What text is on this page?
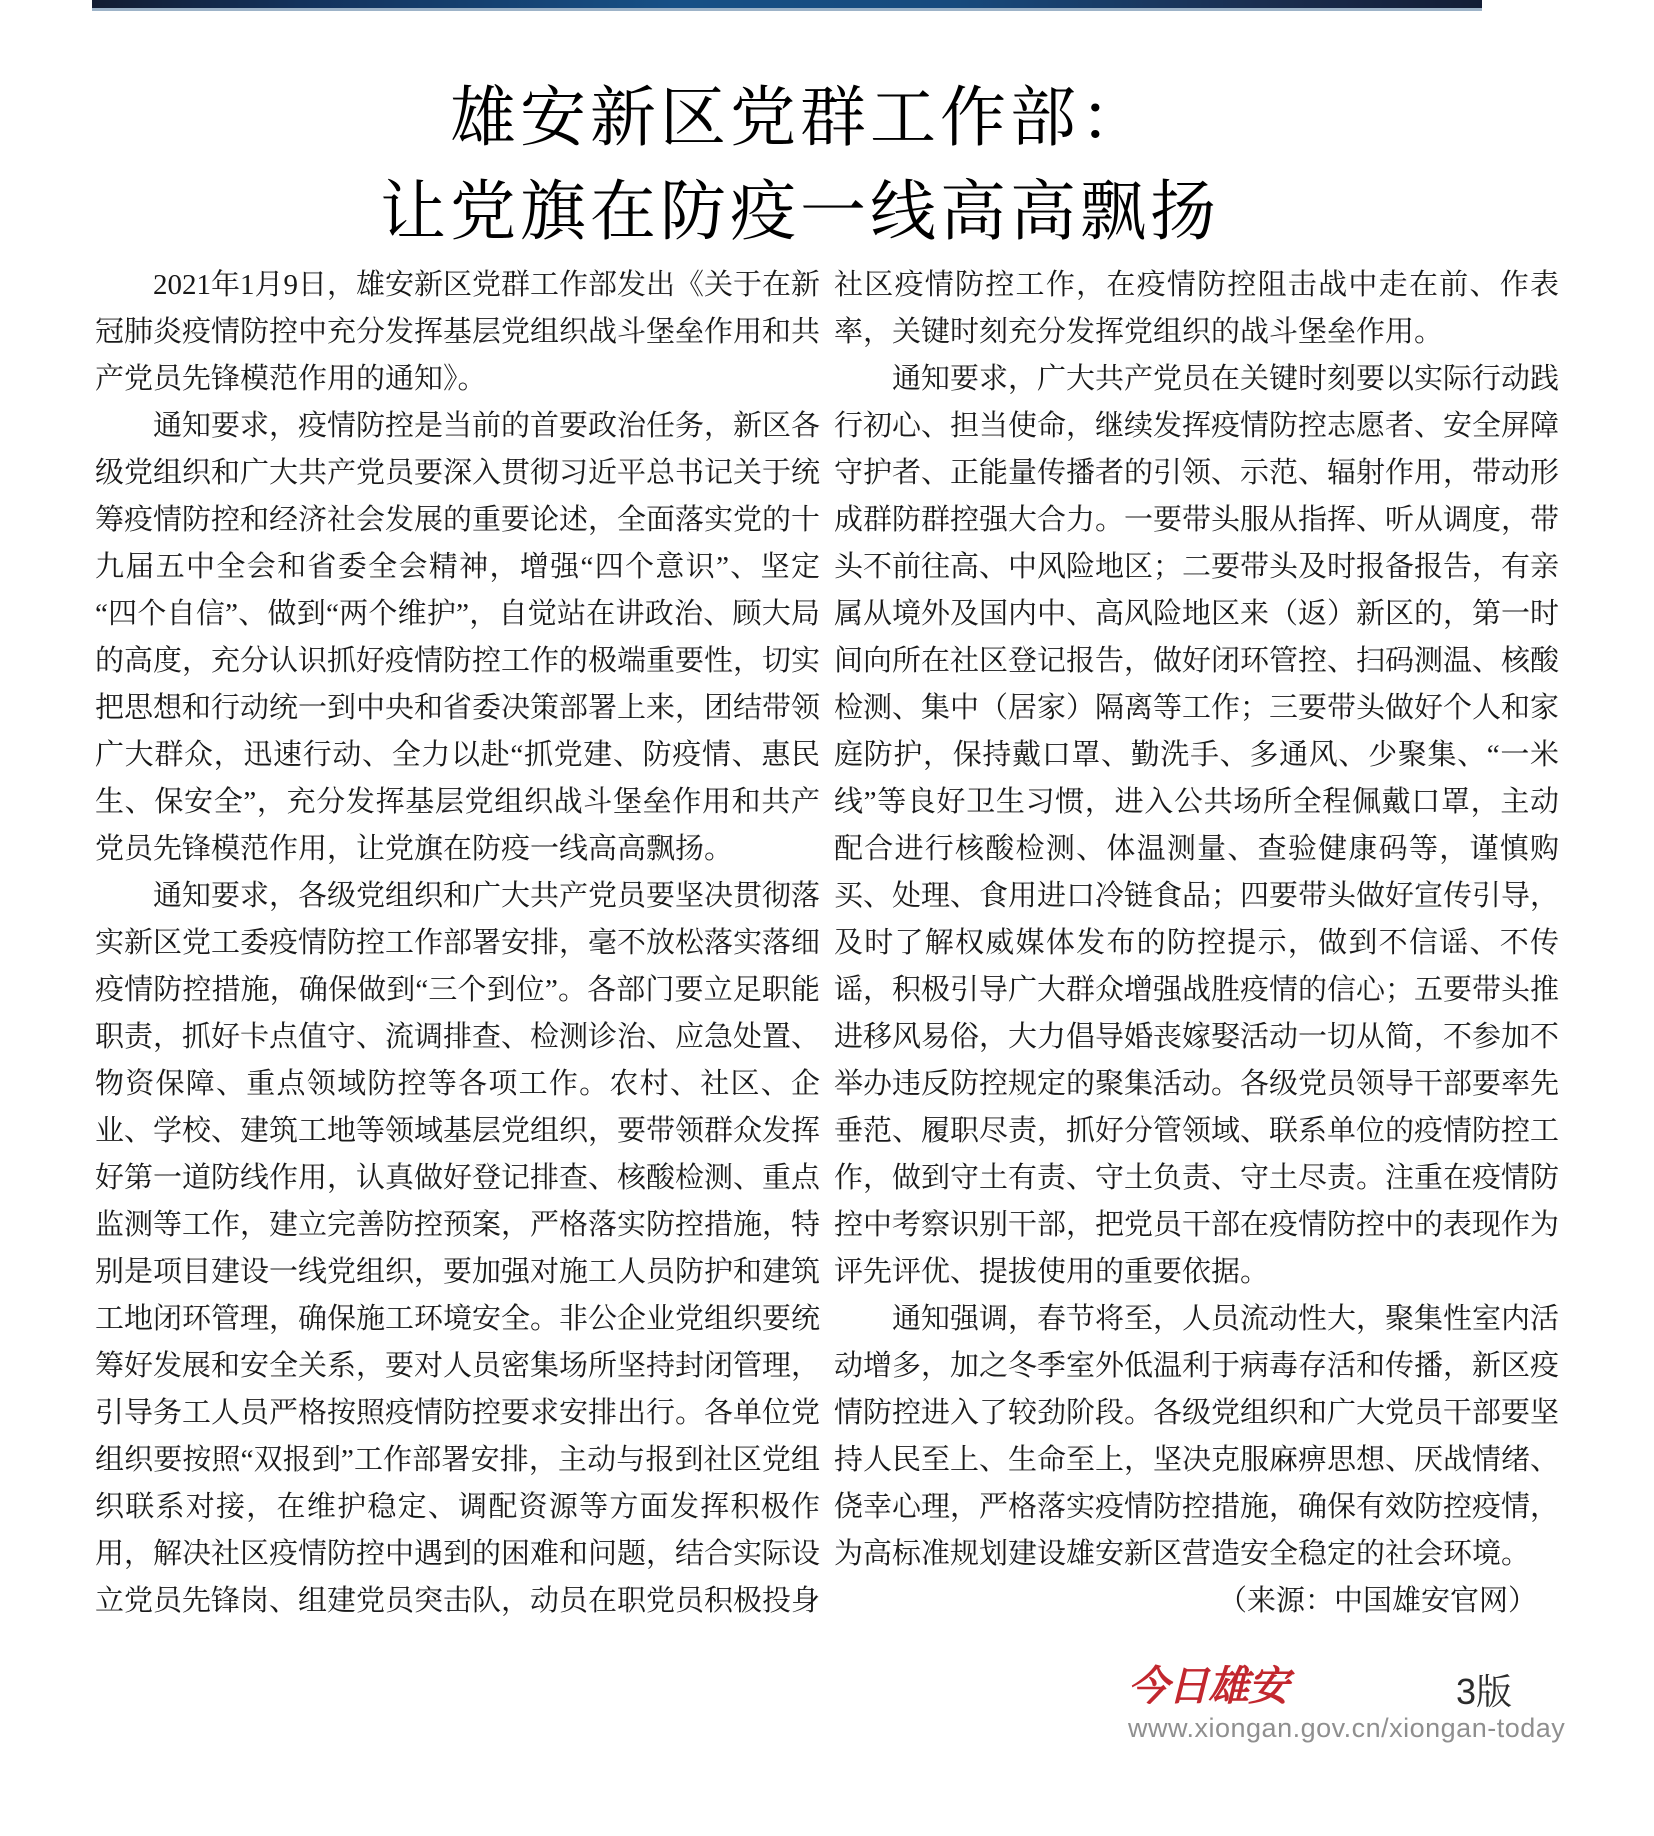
雄安新区党群工作部：
让党旗在防疫一线高高飘扬

2021年1月9日，雄安新区党群工作部发出《关于在新冠肺炎疫情防控中充分发挥基层党组织战斗堡垒作用和共产党员先锋模范作用的通知》。

通知要求，疫情防控是当前的首要政治任务，新区各级党组织和广大共产党员要深入贯彻习近平总书记关于统筹疫情防控和经济社会发展的重要论述，全面落实党的十九届五中全会和省委全会精神，增强“四个意识”、坚定“四个自信”、做到“两个维护”，自觉站在讲政治、顾大局的高度，充分认识抓好疫情防控工作的极端重要性，切实把思想和行动统一到中央和省委决策部署上来，团结带领广大群众，迅速行动、全力以赴“抓党建、防疫情、惠民生、保安全”，充分发挥基层党组织战斗堡垒作用和共产党员先锋模范作用，让党旗在防疫一线高高飘扬。

通知要求，各级党组织和广大共产党员要坚决贯彻落实新区党工委疫情防控工作部署安排，毫不放松落实落细疫情防控措施，确保做到“三个到位”。各部门要立足职能职责，抓好卡点值守、流调排查、检测诊治、应急处置、物资保障、重点领域防控等各项工作。农村、社区、企业、学校、建筑工地等领域基层党组织，要带领群众发挥好第一道防线作用，认真做好登记排查、核酸检测、重点监测等工作，建立完善防控预案，严格落实防控措施，特别是项目建设一线党组织，要加强对施工人员防护和建筑工地闭环管理，确保施工环境安全。非公企业党组织要统筹好发展和安全关系，要对人员密集场所坚持封闭管理，引导务工人员严格按照疫情防控要求安排出行。各单位党组织要按照“双报到”工作部署安排，主动与报到社区党组织联系对接，在维护稳定、调配资源等方面发挥积极作用，解决社区疫情防控中遇到的困难和问题，结合实际设立党员先锋岗、组建党员突击队，动员在职党员积极投身

社区疫情防控工作，在疫情防控阻击战中走在前、作表率，关键时刻充分发挥党组织的战斗堡垒作用。

通知要求，广大共产党员在关键时刻要以实际行动践行初心、担当使命，继续发挥疫情防控志愿者、安全屏障守护者、正能量传播者的引领、示范、辐射作用，带动形成群防群控强大合力。一要带头服从指挥、听从调度，带头不前往高、中风险地区；二要带头及时报备报告，有亲属从境外及国内中、高风险地区来（返）新区的，第一时间向所在社区登记报告，做好闭环管控、扫码测温、核酸检测、集中（居家）隔离等工作；三要带头做好个人和家庭防护，保持戴口罩、勤洗手、多通风、少聚集、“一米线”等良好卫生习惯，进入公共场所全程佩戴口罩，主动配合进行核酸检测、体温测量、查验健康码等，谨慎购买、处理、食用进口冷链食品；四要带头做好宣传引导，及时了解权威媒体发布的防控提示，做到不信谣、不传谣，积极引导广大群众增强战胜疫情的信心；五要带头推进移风易俗，大力倡导婚丧嫁娶活动一切从简，不参加不举办违反防控规定的聚集活动。各级党员领导干部要率先垂范、履职尽责，抓好分管领域、联系单位的疫情防控工作，做到守土有责、守土负责、守土尽责。注重在疫情防控中考察识别干部，把党员干部在疫情防控中的表现作为评先评优、提拔使用的重要依据。

通知强调，春节将至，人员流动性大，聚集性室内活动增多，加之冬季室外低温利于病毒存活和传播，新区疫情防控进入了较劲阶段。各级党组织和广大党员干部要坚持人民至上、生命至上，坚决克服麻痹思想、厌战情绪、侥幸心理，严格落实疫情防控措施，确保有效防控疫情，为高标准规划建设雄安新区营造安全稳定的社会环境。

（来源：中国雄安官网）

今日雄安	3版
www.xiongan.gov.cn/xiongan-today
